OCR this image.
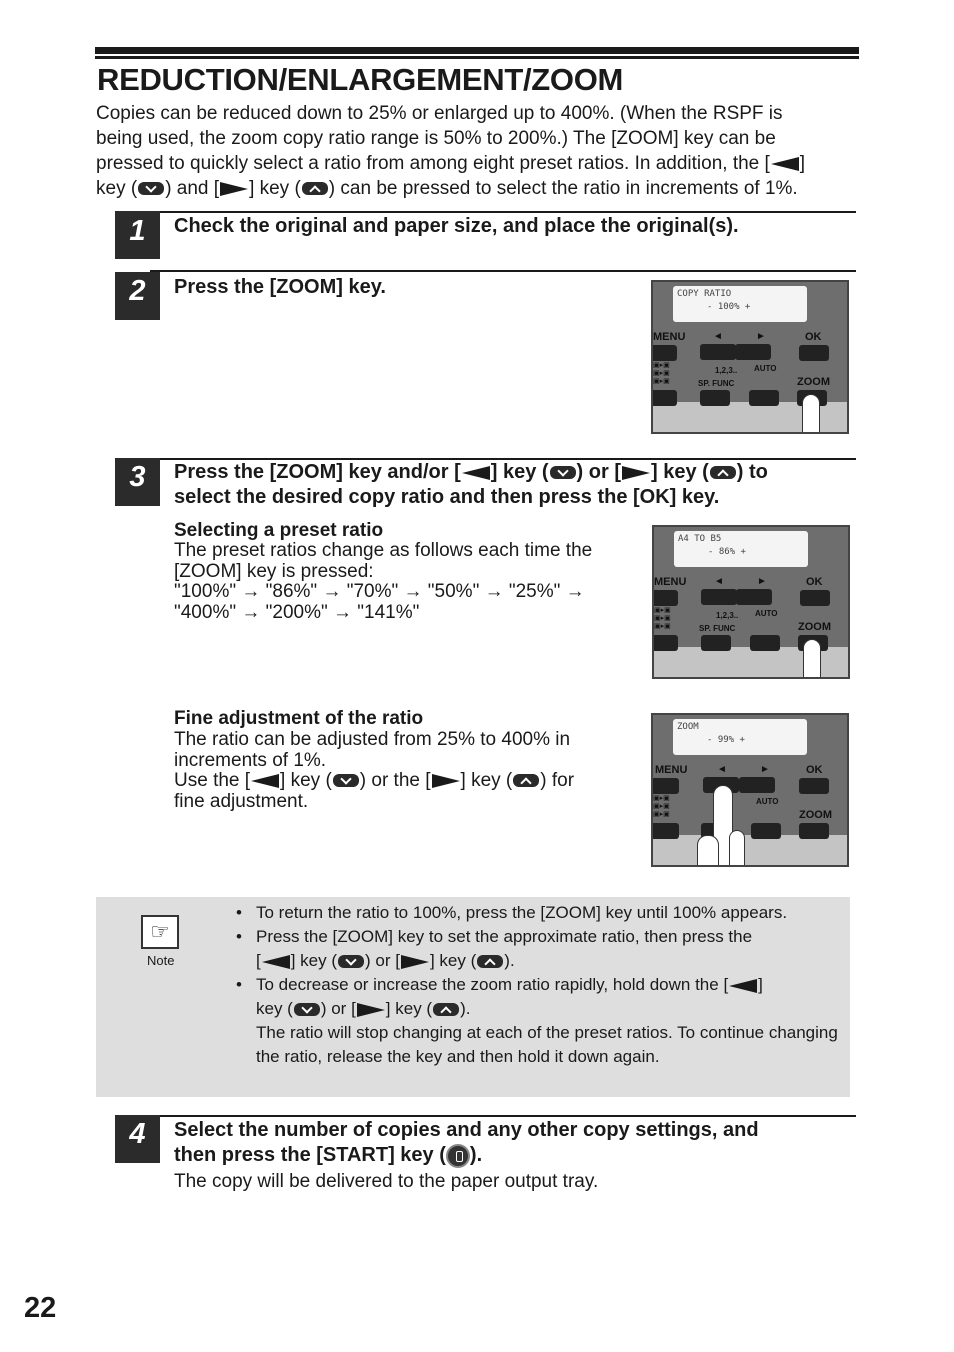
REDUCTION/ENLARGEMENT/ZOOM
Copies can be reduced down to 25% or enlarged up to 400%. (When the RSPF is
being used, the zoom copy ratio range is 50% to 200%.) The [ZOOM] key can be
pressed to quickly select a ratio from among eight preset ratios. In addition, the [ ]
key ( ) and [ ] key ( ) can be pressed to select the ratio in increments of 1%.
1	Check the original and paper size, and place the original(s).
2	Press the [ZOOM] key.	COPY RATIO
- 100% +
MENU	◄	►	OK
▣▸▣
▣▸▣
▣▸▣
1,2,3..
SP. FUNC
AUTO
ZOOM
3	Press the [ZOOM] key and/or [ ] key ( ) or [ ] key ( ) to
select the desired copy ratio and then press the [OK] key.
Selecting a preset ratio
The preset ratios change as follows each time the
[ZOOM] key is pressed:
"100%" → "86%" → "70%" → "50%" → "25%" →
"400%" → "200%" → "141%"
A4 TO B5
- 86% +
MENU	◄	►	OK
▣▸▣
▣▸▣
▣▸▣
1,2,3..
SP. FUNC
AUTO
ZOOM
Fine adjustment of the ratio
The ratio can be adjusted from 25% to 400% in
increments of 1%.
Use the [ ] key ( ) or the [ ] key ( ) for
fine adjustment.
ZOOM
- 99% +
MENU	◄	►	OK
▣▸▣
▣▸▣
▣▸▣
AUTO
ZOOM
☞
Note
• To return the ratio to 100%, press the [ZOOM] key until 100% appears.
• Press the [ZOOM] key to set the approximate ratio, then press the
[ ] key ( ) or [ ] key ( ).
• To decrease or increase the zoom ratio rapidly, hold down the [ ]
key ( ) or [ ] key ( ).
The ratio will stop changing at each of the preset ratios. To continue changing the ratio, release the key and then hold it down again.
4	Select the number of copies and any other copy settings, and
then press the [START] key ( ).
The copy will be delivered to the paper output tray.
22
